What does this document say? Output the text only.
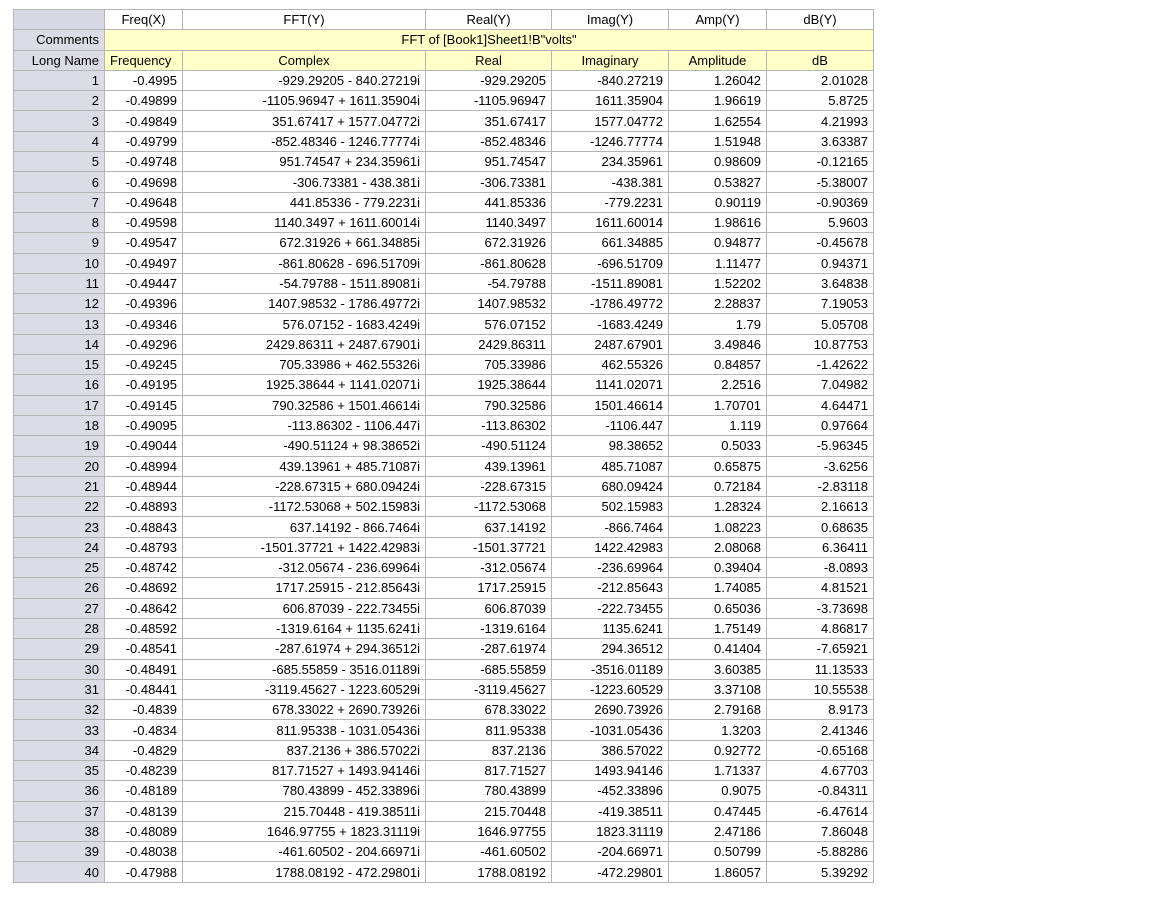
	Freq(X)	FFT(Y)	Real(Y)	Imag(Y)	Amp(Y)	dB(Y)
Comments	FFT of [Book1]Sheet1!B"volts"					
Long Name	Frequency	Complex	Real	Imaginary	Amplitude	dB
1	-0.4995	-929.29205 - 840.27219i	-929.29205	-840.27219	1.26042	2.01028
2	-0.49899	-1105.96947 + 1611.35904i	-1105.96947	1611.35904	1.96619	5.8725
3	-0.49849	351.67417 + 1577.04772i	351.67417	1577.04772	1.62554	4.21993
4	-0.49799	-852.48346 - 1246.77774i	-852.48346	-1246.77774	1.51948	3.63387
5	-0.49748	951.74547 + 234.35961i	951.74547	234.35961	0.98609	-0.12165
6	-0.49698	-306.73381 - 438.381i	-306.73381	-438.381	0.53827	-5.38007
7	-0.49648	441.85336 - 779.2231i	441.85336	-779.2231	0.90119	-0.90369
8	-0.49598	1140.3497 + 1611.60014i	1140.3497	1611.60014	1.98616	5.9603
9	-0.49547	672.31926 + 661.34885i	672.31926	661.34885	0.94877	-0.45678
10	-0.49497	-861.80628 - 696.51709i	-861.80628	-696.51709	1.11477	0.94371
11	-0.49447	-54.79788 - 1511.89081i	-54.79788	-1511.89081	1.52202	3.64838
12	-0.49396	1407.98532 - 1786.49772i	1407.98532	-1786.49772	2.28837	7.19053
13	-0.49346	576.07152 - 1683.4249i	576.07152	-1683.4249	1.79	5.05708
14	-0.49296	2429.86311 + 2487.67901i	2429.86311	2487.67901	3.49846	10.87753
15	-0.49245	705.33986 + 462.55326i	705.33986	462.55326	0.84857	-1.42622
16	-0.49195	1925.38644 + 1141.02071i	1925.38644	1141.02071	2.2516	7.04982
17	-0.49145	790.32586 + 1501.46614i	790.32586	1501.46614	1.70701	4.64471
18	-0.49095	-113.86302 - 1106.447i	-113.86302	-1106.447	1.119	0.97664
19	-0.49044	-490.51124 + 98.38652i	-490.51124	98.38652	0.5033	-5.96345
20	-0.48994	439.13961 + 485.71087i	439.13961	485.71087	0.65875	-3.6256
21	-0.48944	-228.67315 + 680.09424i	-228.67315	680.09424	0.72184	-2.83118
22	-0.48893	-1172.53068 + 502.15983i	-1172.53068	502.15983	1.28324	2.16613
23	-0.48843	637.14192 - 866.7464i	637.14192	-866.7464	1.08223	0.68635
24	-0.48793	-1501.37721 + 1422.42983i	-1501.37721	1422.42983	2.08068	6.36411
25	-0.48742	-312.05674 - 236.69964i	-312.05674	-236.69964	0.39404	-8.0893
26	-0.48692	1717.25915 - 212.85643i	1717.25915	-212.85643	1.74085	4.81521
27	-0.48642	606.87039 - 222.73455i	606.87039	-222.73455	0.65036	-3.73698
28	-0.48592	-1319.6164 + 1135.6241i	-1319.6164	1135.6241	1.75149	4.86817
29	-0.48541	-287.61974 + 294.36512i	-287.61974	294.36512	0.41404	-7.65921
30	-0.48491	-685.55859 - 3516.01189i	-685.55859	-3516.01189	3.60385	11.13533
31	-0.48441	-3119.45627 - 1223.60529i	-3119.45627	-1223.60529	3.37108	10.55538
32	-0.4839	678.33022 + 2690.73926i	678.33022	2690.73926	2.79168	8.9173
33	-0.4834	811.95338 - 1031.05436i	811.95338	-1031.05436	1.3203	2.41346
34	-0.4829	837.2136 + 386.57022i	837.2136	386.57022	0.92772	-0.65168
35	-0.48239	817.71527 + 1493.94146i	817.71527	1493.94146	1.71337	4.67703
36	-0.48189	780.43899 - 452.33896i	780.43899	-452.33896	0.9075	-0.84311
37	-0.48139	215.70448 - 419.38511i	215.70448	-419.38511	0.47445	-6.47614
38	-0.48089	1646.97755 + 1823.31119i	1646.97755	1823.31119	2.47186	7.86048
39	-0.48038	-461.60502 - 204.66971i	-461.60502	-204.66971	0.50799	-5.88286
40	-0.47988	1788.08192 - 472.29801i	1788.08192	-472.29801	1.86057	5.39292
